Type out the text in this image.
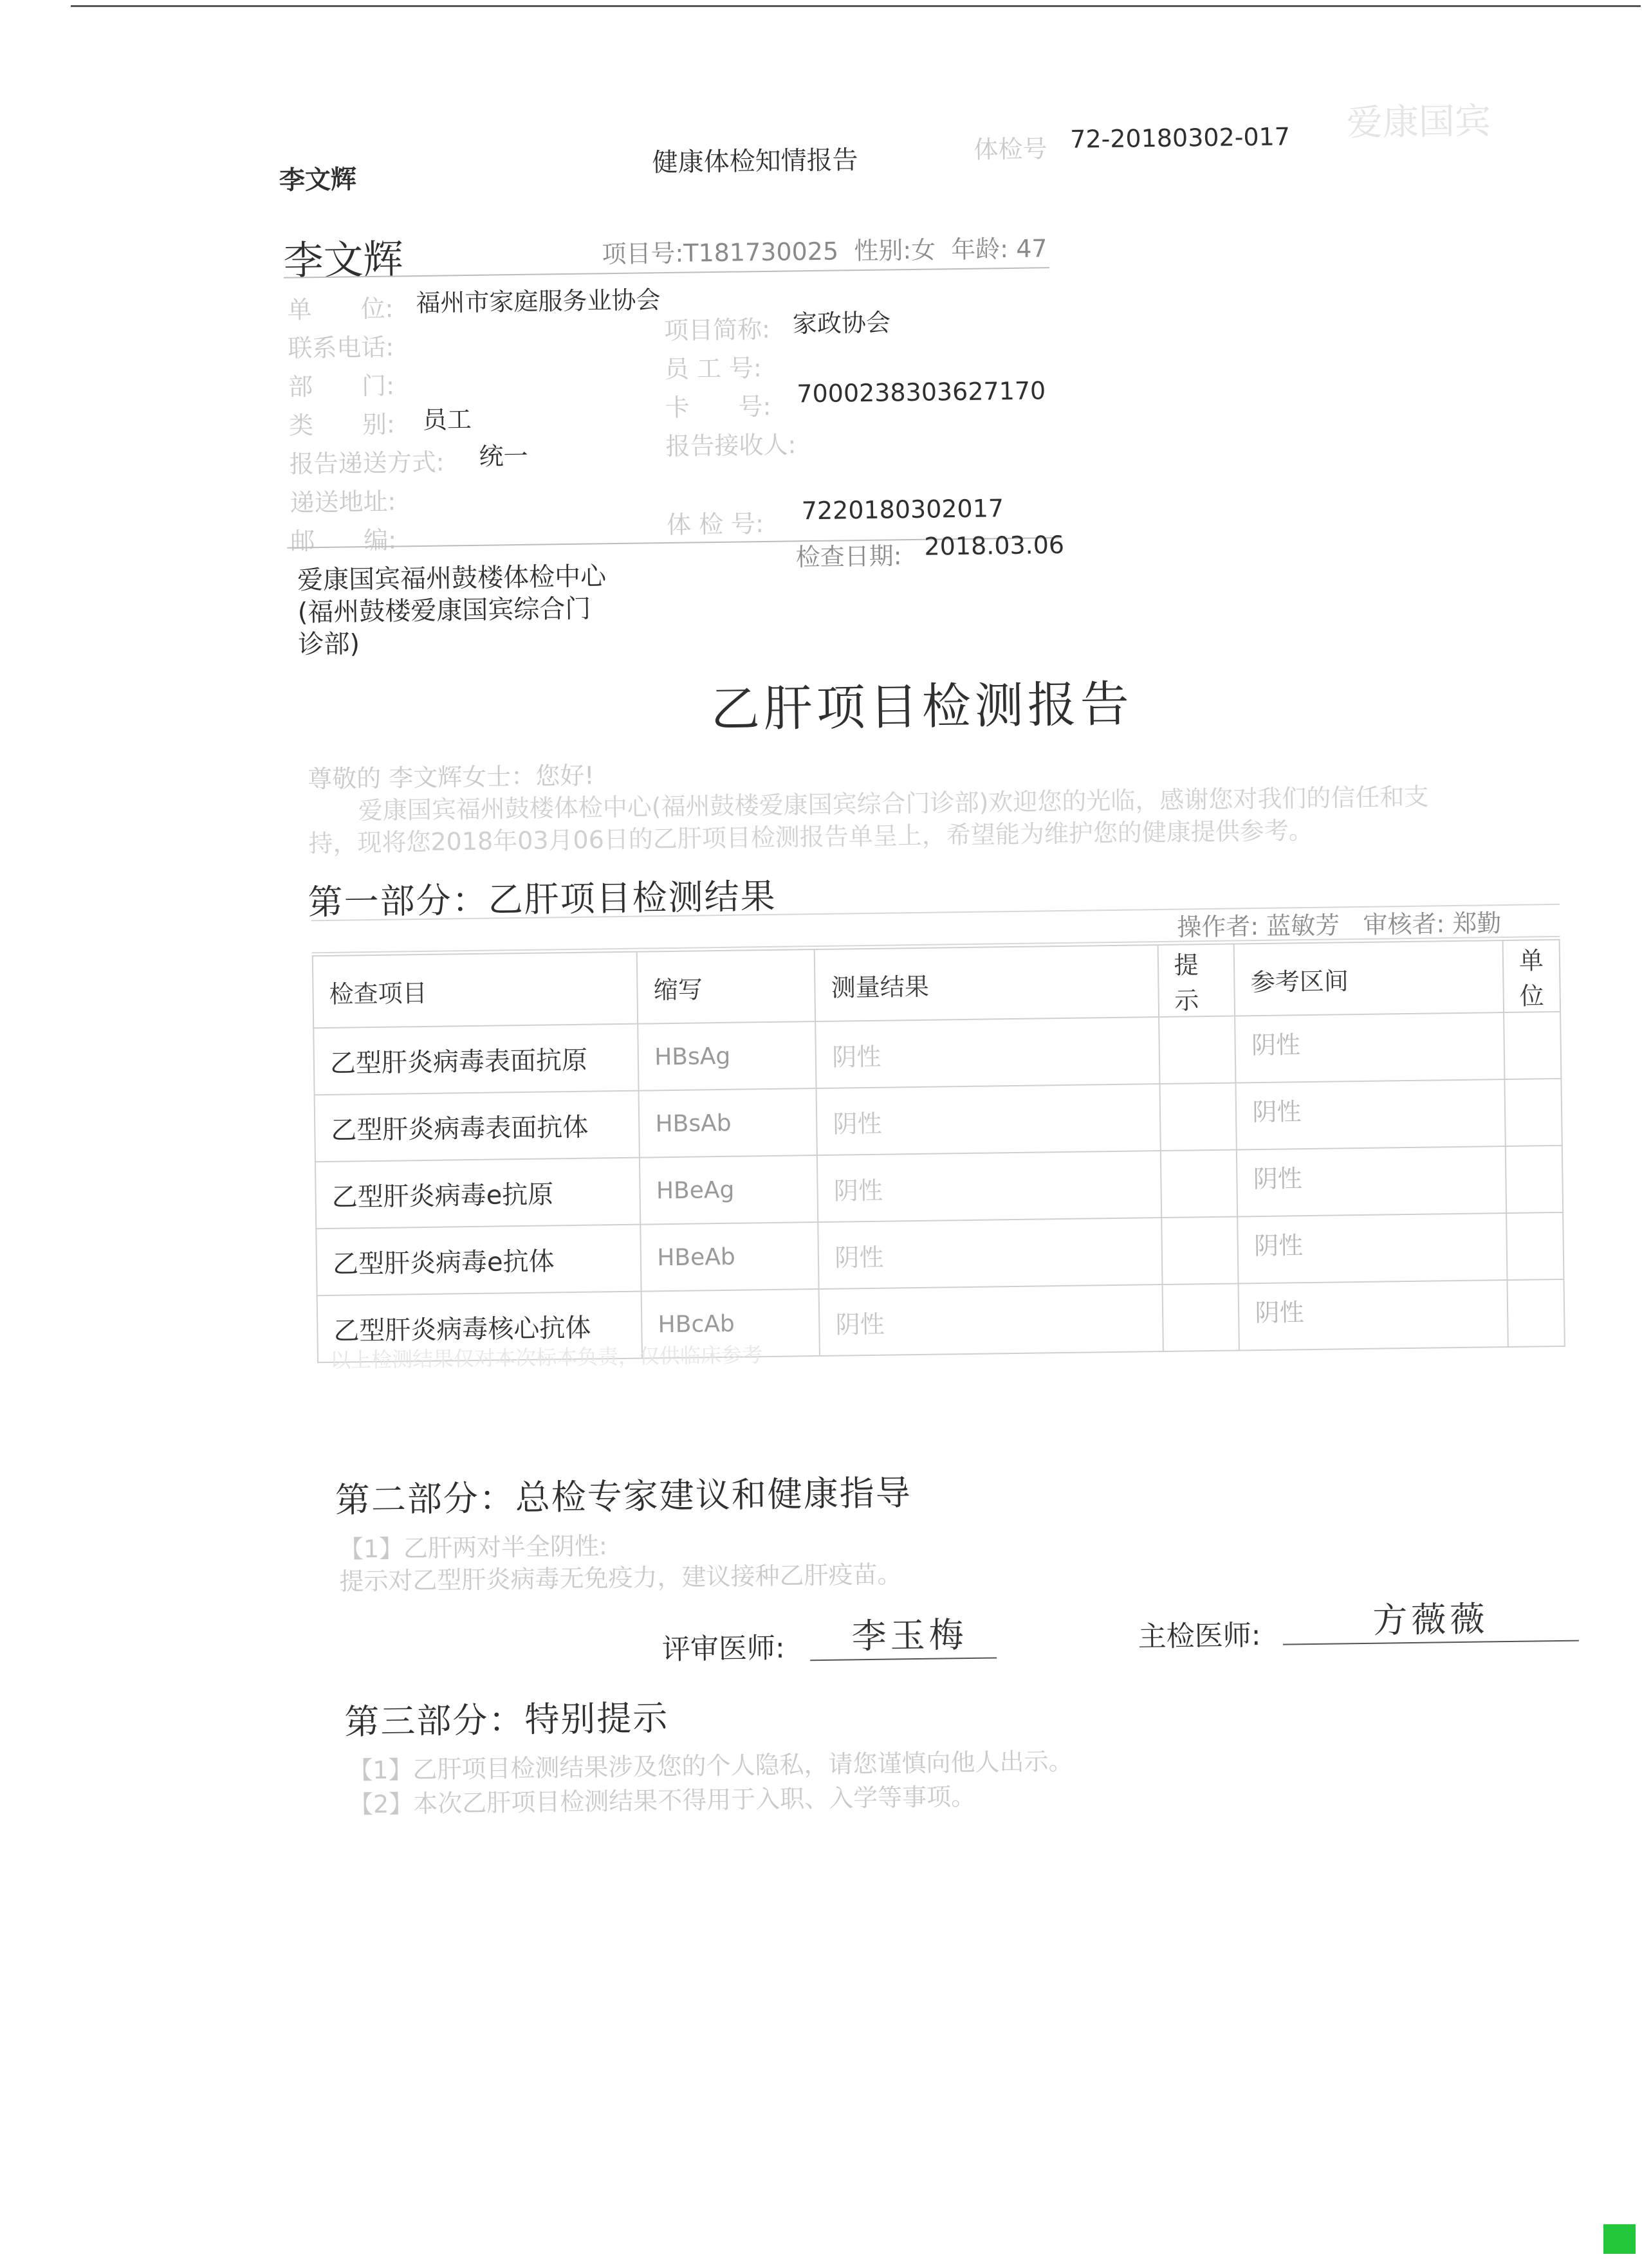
李文辉
健康体检知情报告	体检号 72-20180302-017 爱康国宾
李文辉	项目号:T181730025 性别:女 年龄: 47
单　　位: 福州市家庭服务业协会
联系电话:
部　　门:
类　　别: 员工
报告递送方式: 统一
递送地址:
邮　　编:
项目简称: 家政协会
员 工 号:
卡　　号: 7000238303627170
报告接收人:
体 检 号: 7220180302017
爱康国宾福州鼓楼体检中心
(福州鼓楼爱康国宾综合门
诊部)
检查日期: 2018.03.06
乙肝项目检测报告
尊敬的 李文辉女士：您好!
爱康国宾福州鼓楼体检中心(福州鼓楼爱康国宾综合门诊部)欢迎您的光临，感谢您对我们的信任和支
持，现将您2018年03月06日的乙肝项目检测报告单呈上，希望能为维护您的健康提供参考。
第一部分：乙肝项目检测结果
操作者: 蓝敏芳 审核者: 郑勤
检查项目	缩写	测量结果	提示	参考区间	单位
乙型肝炎病毒表面抗原	HBsAg	阴性		阴性	
乙型肝炎病毒表面抗体	HBsAb	阴性		阴性	
乙型肝炎病毒e抗原	HBeAg	阴性		阴性	
乙型肝炎病毒e抗体	HBeAb	阴性		阴性	
乙型肝炎病毒核心抗体	HBcAb	阴性		阴性	
以上检测结果仅对本次标本负责，仅供临床参考
第二部分：总检专家建议和健康指导
【1】乙肝两对半全阴性:
提示对乙型肝炎病毒无免疫力，建议接种乙肝疫苗。
评审医师: 李玉梅	主检医师:	方薇薇
第三部分：特别提示
【1】乙肝项目检测结果涉及您的个人隐私，请您谨慎向他人出示。
【2】本次乙肝项目检测结果不得用于入职、入学等事项。
